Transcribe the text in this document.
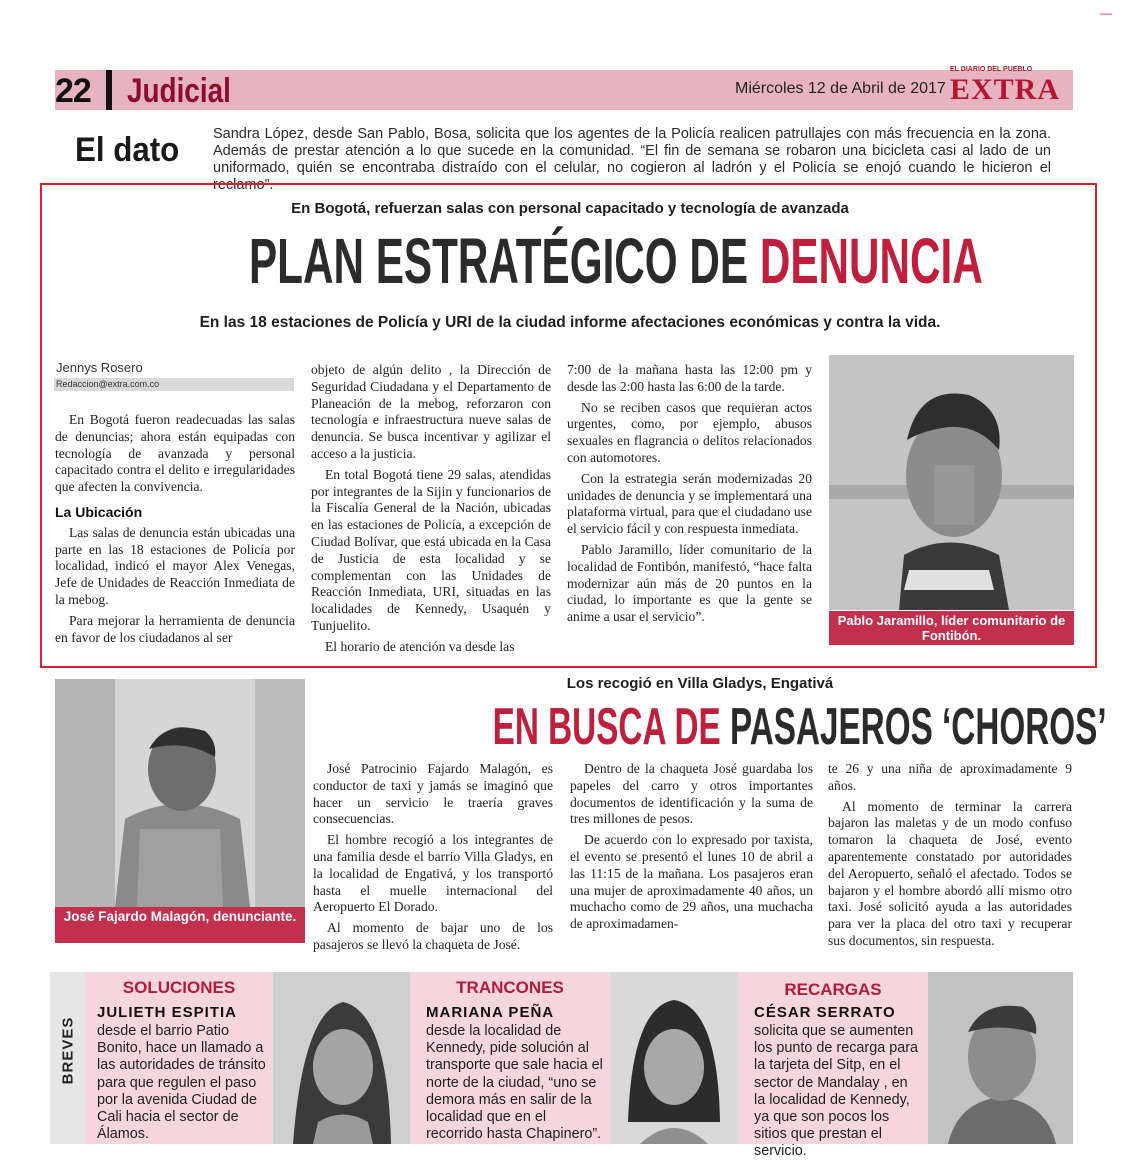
—
22 Judicial	Miércoles 12 de Abril de 2017
EL DIARIO DEL PUEBLO
EXTRA
El dato Sandra López, desde San Pablo, Bosa, solicita que los agentes de la Policía realicen patrullajes con más frecuencia en la zona. Además de prestar atención a lo que sucede en la comunidad. “El fin de semana se robaron una bicicleta casi al lado de un uniformado, quién se encontraba distraído con el celular, no cogieron al ladrón y el Policía se enojó cuando le hicieron el reclamo”.
En Bogotá, refuerzan salas con personal capacitado y tecnología de avanzada
PLAN ESTRATÉGICO DE DENUNCIA
En las 18 estaciones de Policía y URI de la ciudad informe afectaciones económicas y contra la vida.
Jennys Rosero
Redaccion@extra.com.co

En Bogotá fueron readecuadas las salas de denuncias; ahora están equipadas con tecnología de avanzada y personal capacitado contra el delito e irregularidades que afecten la convivencia.

La Ubicación

Las salas de denuncia están ubicadas una parte en las 18 estaciones de Policía por localidad, indicó el mayor Alex Venegas, Jefe de Unidades de Reacción Inmediata de la mebog.

Para mejorar la herramienta de denuncia en favor de los ciudadanos al ser

objeto de algún delito , la Dirección de Seguridad Ciudadana y el Departamento de Planeación de la mebog, reforzaron con tecnología e infraestructura nueve salas de denuncia. Se busca incentivar y agilizar el acceso a la justicia.

En total Bogotá tiene 29 salas, atendidas por integrantes de la Sijin y funcionarios de la Fiscalía General de la Nación, ubicadas en las estaciones de Policía, a excepción de Ciudad Bolívar, que está ubicada en la Casa de Justicia de esta localidad y se complementan con las Unidades de Reacción Inmediata, URI, situadas en las localidades de Kennedy, Usaquén y Tunjuelito.

El horario de atención va desde las

7:00 de la mañana hasta las 12:00 pm y desde las 2:00 hasta las 6:00 de la tarde.

No se reciben casos que requieran actos urgentes, como, por ejemplo, abusos sexuales en flagrancia o delitos relacionados con automotores.

Con la estrategia serán modernizadas 20 unidades de denuncia y se implementará una plataforma virtual, para que el ciudadano use el servicio fácil y con respuesta inmediata.

Pablo Jaramillo, líder comunitario de la localidad de Fontibón, manifestó, “hace falta modernizar aún más de 20 puntos en la ciudad, lo importante es que la gente se anime a usar el servicio”.	Pablo Jaramillo, líder comunitario de Fontibón.
José Fajardo Malagón, denunciante.
Los recogió en Villa Gladys, Engativá
EN BUSCA DE PASAJEROS ‘CHOROS’

José Patrocinio Fajardo Malagón, es conductor de taxi y jamás se imaginó que hacer un servicio le traería graves consecuencias.

El hombre recogió a los integrantes de una familia desde el barrio Villa Gladys, en la localidad de Engativá, y los transportó hasta el muelle internacional del Aeropuerto El Dorado.

Al momento de bajar uno de los pasajeros se llevó la chaqueta de José.

Dentro de la chaqueta José guardaba los papeles del carro y otros importantes documentos de identificación y la suma de tres millones de pesos.

De acuerdo con lo expresado por taxista, el evento se presentó el lunes 10 de abril a las 11:15 de la mañana. Los pasajeros eran una mujer de aproximadamente 40 años, un muchacho como de 29 años, una muchacha de aproximadamen-

te 26 y una niña de aproximadamente 9 años.

Al momento de terminar la carrera bajaron las maletas y de un modo confuso tomaron la chaqueta de José, evento aparentemente constatado por autoridades del Aeropuerto, señaló el afectado. Todos se bajaron y el hombre abordó allí mismo otro taxi. José solicitó ayuda a las autoridades para ver la placa del otro taxi y recuperar sus documentos, sin respuesta.

BREVES
SOLUCIONES
JULIETH ESPITIA
desde el barrio Patio Bonito, hace un llamado a las autoridades de tránsito para que regulen el paso por la avenida Ciudad de Cali hacia el sector de Álamos.
TRANCONES
MARIANA PEÑA
desde la localidad de Kennedy, pide solución al transporte que sale hacia el norte de la ciudad, “uno se demora más en salir de la localidad que en el recorrido hasta Chapinero”.
RECARGAS
CÉSAR SERRATO
solicita que se aumenten los punto de recarga para la tarjeta del Sitp, en el sector de Mandalay , en la localidad de Kennedy, ya que son pocos los sitios que prestan el servicio.
